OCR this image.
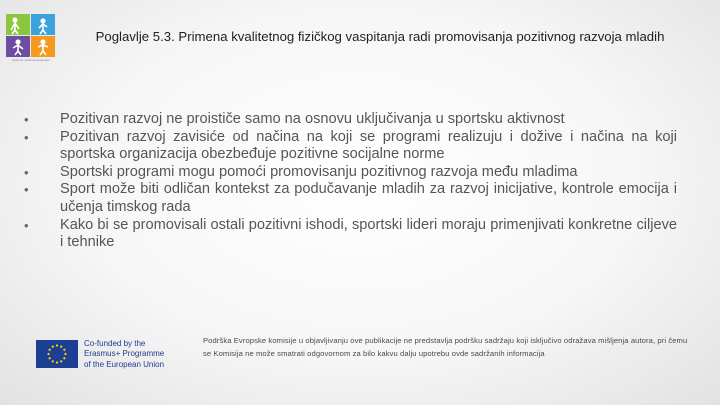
Sport for youth development
Poglavlje 5.3. Primena kvalitetnog fizičkog vaspitanja radi promovisanja pozitivnog razvoja mladih
• Pozitivan razvoj ne proističe samo na osnovu uključivanja u sportsku aktivnost
• Pozitivan razvoj zavisiće od načina na koji se programi realizuju i dožive i načina na koji sportska organizacija obezbeđuje pozitivne socijalne norme
• Sportski programi mogu pomoći promovisanju pozitivnog razvoja među mladima
• Sport može biti odličan kontekst za podučavanje mladih za razvoj inicijative, kontrole emocija i učenja timskog rada
• Kako bi se promovisali ostali pozitivni ishodi, sportski lideri moraju primenjivati konkretne ciljeve i tehnike
Co-funded by the
Erasmus+ Programme
of the European Union
Podrška Evropske komisije u objavljivanju ove publikacije ne predstavlja podršku sadržaju koji isključivo odražava mišljenja autora, pri čemu se Komisija ne može smatrati odgovornom za bilo kakvu dalju upotrebu ovde sadržanih informacija
